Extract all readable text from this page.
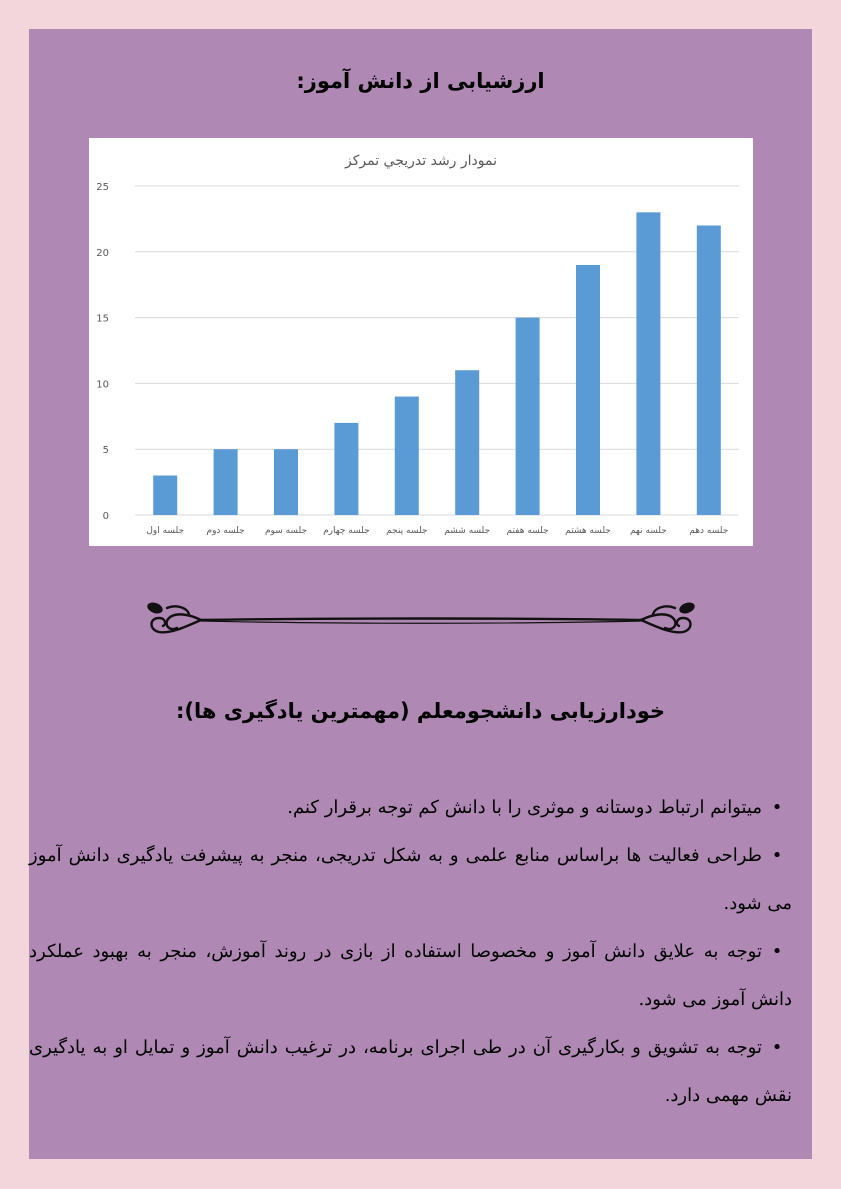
ارزشیابی از دانش آموز:
نمودار رشد تدريجي تمرکز
0
5
10
15
20
25
جلسه اول جلسه دوم جلسه سوم جلسه چهارم جلسه پنجم جلسه ششم جلسه هفتم جلسه هشتم جلسه نهم جلسه دهم
خودارزیابی دانشجومعلم (مهمترین یادگیری ها):

•میتوانم ارتباط دوستانه و موثری را با دانش کم توجه برقرار کنم.

•طراحی فعالیت ها براساس منابع علمی و به شکل تدریجی، منجر به پیشرفت یادگیری دانش آموز می شود.

•توجه به علایق دانش آموز و مخصوصا استفاده از بازی در روند آموزش، منجر به بهبود عملکرد دانش آموز می شود.

•توجه به تشویق و بکارگیری آن در طی اجرای برنامه، در ترغیب دانش آموز و تمایل او به یادگیری نقش مهمی دارد.
